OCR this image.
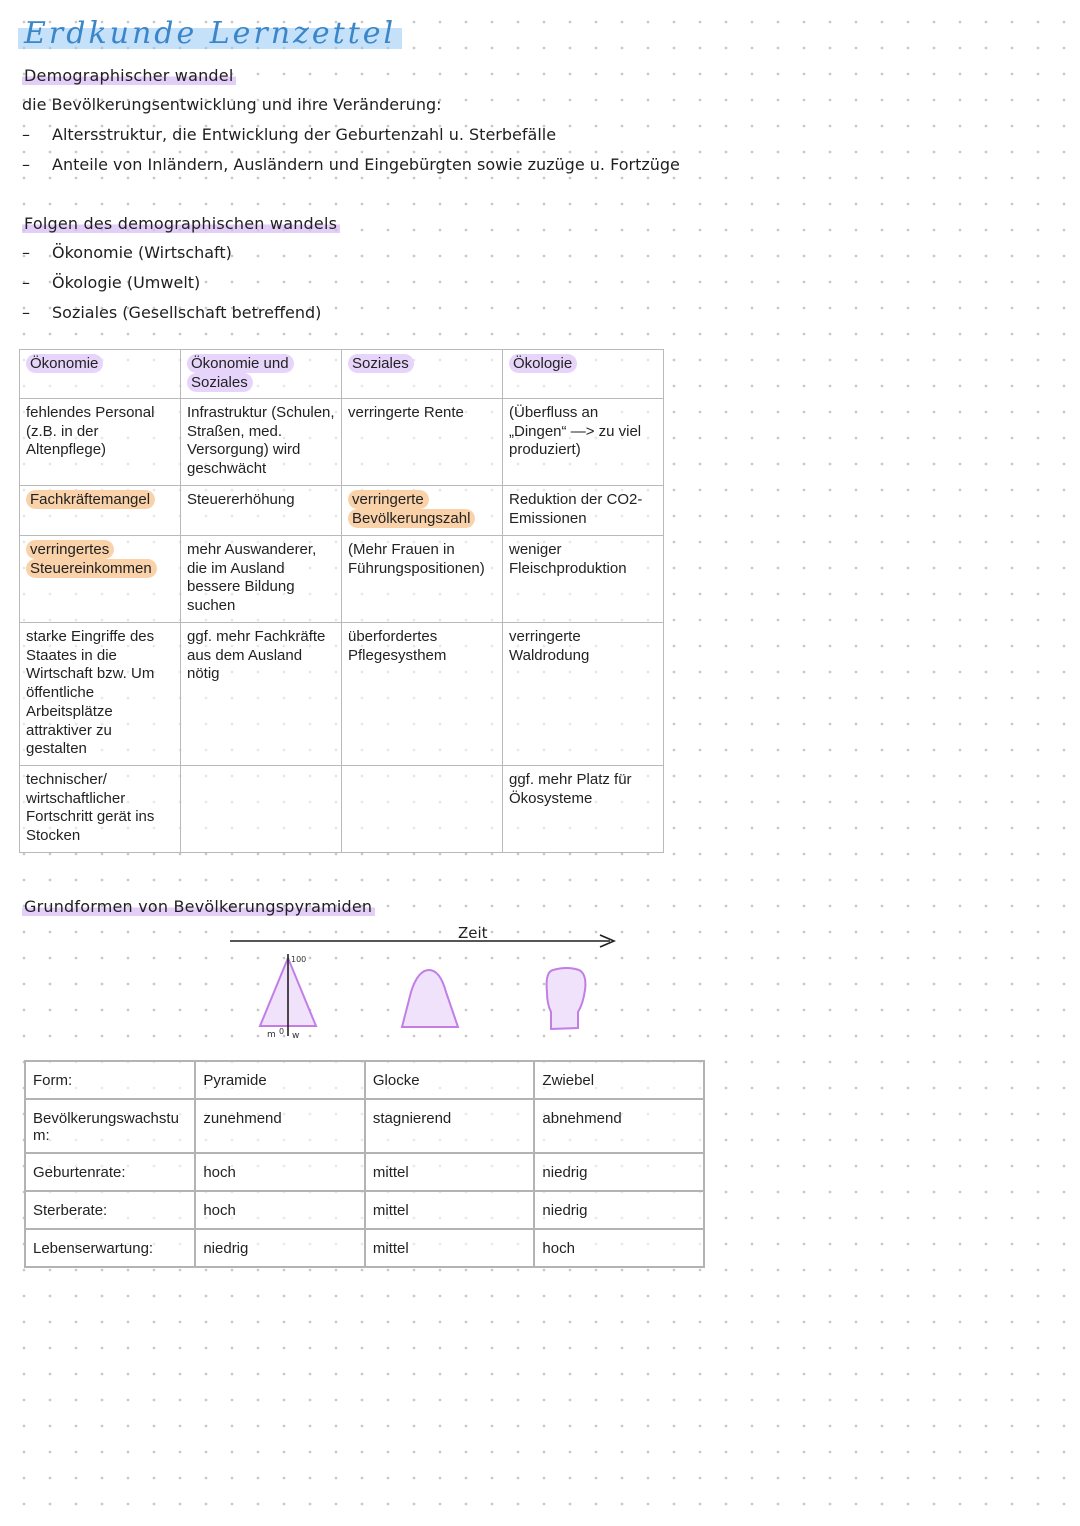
Erdkunde Lernzettel
Demographischer wandel
die Bevölkerungsentwicklung und ihre Veränderung:
– Altersstruktur, die Entwicklung der Geburtenzahl u. Sterbefälle
– Anteile von Inländern, Ausländern und Eingebürgten sowie zuzüge u. Fortzüge
Folgen des demographischen wandels
– Ökonomie (Wirtschaft)
– Ökologie (Umwelt)
– Soziales (Gesellschaft betreffend)
Ökonomie	Ökonomie und Soziales	Soziales	Ökologie
fehlendes Personal (z.B. in der Altenpflege)	Infrastruktur (Schulen, Straßen, med. Versorgung) wird geschwächt	verringerte Rente	(Überfluss an „Dingen“ —> zu viel produziert)
Fachkräftemangel	Steuererhöhung	verringerte Bevölkerungszahl	Reduktion der CO2-Emissionen
verringertes Steuereinkommen	mehr Auswanderer, die im Ausland bessere Bildung suchen	(Mehr Frauen in Führungspositionen)	weniger Fleischproduktion
starke Eingriffe des Staates in die Wirtschaft bzw. Um öffentliche Arbeitsplätze attraktiver zu gestalten	ggf. mehr Fachkräfte aus dem Ausland nötig	überfordertes Pflegesysthem	verringerte Waldrodung
technischer/ wirtschaftlicher Fortschritt gerät ins Stocken			ggf. mehr Platz für Ökosysteme
Grundformen von Bevölkerungspyramiden
Zeit
100
m 0 w
Form:	Pyramide	Glocke	Zwiebel
Bevölkerungswachstum:	zunehmend	stagnierend	abnehmend
Geburtenrate:	hoch	mittel	niedrig
Sterberate:	hoch	mittel	niedrig
Lebenserwartung:	niedrig	mittel	hoch
